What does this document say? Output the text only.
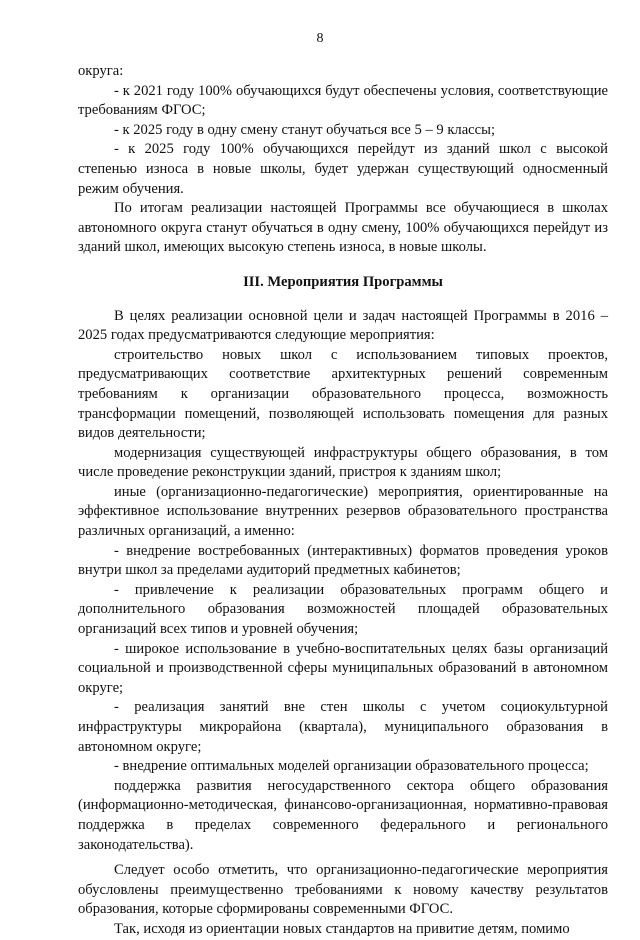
8

округа:

- к 2021 году 100% обучающихся будут обеспечены условия, соответствующие требованиям ФГОС;

- к 2025 году в одну смену станут обучаться все 5 – 9 классы;

- к 2025 году 100% обучающихся перейдут из зданий школ с высокой степенью износа в новые школы, будет удержан существующий односменный режим обучения.

По итогам реализации настоящей Программы все обучающиеся в школах автономного округа станут обучаться в одну смену, 100% обучающихся перейдут из зданий школ, имеющих высокую степень износа, в новые школы.

III. Мероприятия Программы

В целях реализации основной цели и задач настоящей Программы в 2016 – 2025 годах предусматриваются следующие мероприятия:

строительство новых школ с использованием типовых проектов, предусматривающих соответствие архитектурных решений современным требованиям к организации образовательного процесса, возможность трансформации помещений, позволяющей использовать помещения для разных видов деятельности;

модернизация существующей инфраструктуры общего образования, в том числе проведение реконструкции зданий, пристроя к зданиям школ;

иные (организационно-педагогические) мероприятия, ориентированные на эффективное использование внутренних резервов образовательного пространства различных организаций, а именно:

- внедрение востребованных (интерактивных) форматов проведения уроков внутри школ за пределами аудиторий предметных кабинетов;

- привлечение к реализации образовательных программ общего и дополнительного образования возможностей площадей образовательных организаций всех типов и уровней обучения;

- широкое использование в учебно-воспитательных целях базы организаций социальной и производственной сферы муниципальных образований в автономном округе;

- реализация занятий вне стен школы с учетом социокультурной инфраструктуры микрорайона (квартала), муниципального образования в автономном округе;

- внедрение оптимальных моделей организации образовательного процесса;

поддержка развития негосударственного сектора общего образования (информационно-методическая, финансово-организационная, нормативно-правовая поддержка в пределах современного федерального и регионального законодательства).

Следует особо отметить, что организационно-педагогические мероприятия обусловлены преимущественно требованиями к новому качеству результатов образования, которые сформированы современными ФГОС.

Так, исходя из ориентации новых стандартов на привитие детям, помимо
